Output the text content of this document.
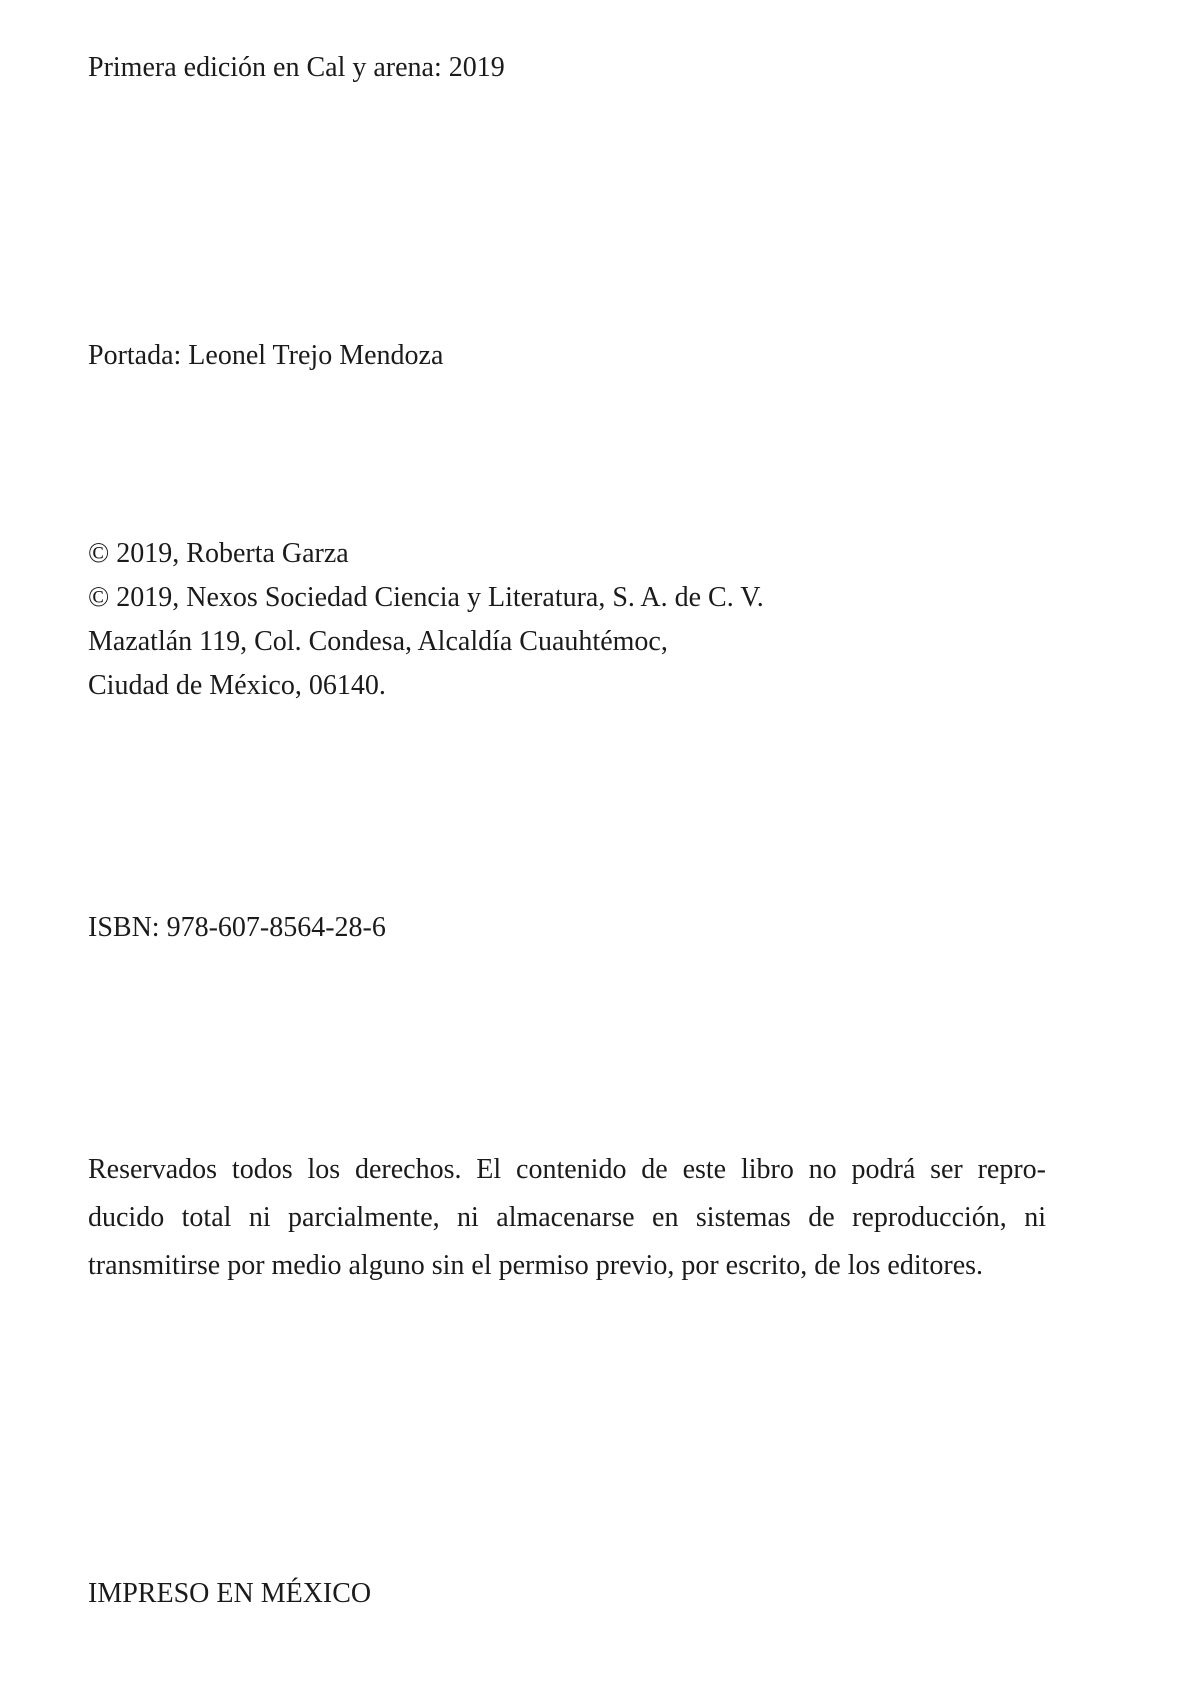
Primera edición en Cal y arena: 2019
Portada: Leonel Trejo Mendoza
© 2019, Roberta Garza
© 2019, Nexos Sociedad Ciencia y Literatura, S. A. de C. V.
Mazatlán 119, Col. Condesa, Alcaldía Cuauhtémoc,
Ciudad de México, 06140.
ISBN: 978-607-8564-28-6
Reservados todos los derechos. El contenido de este libro no podrá ser repro-
ducido total ni parcialmente, ni almacenarse en sistemas de reproducción, ni
transmitirse por medio alguno sin el permiso previo, por escrito, de los editores.
IMPRESO EN MÉXICO
